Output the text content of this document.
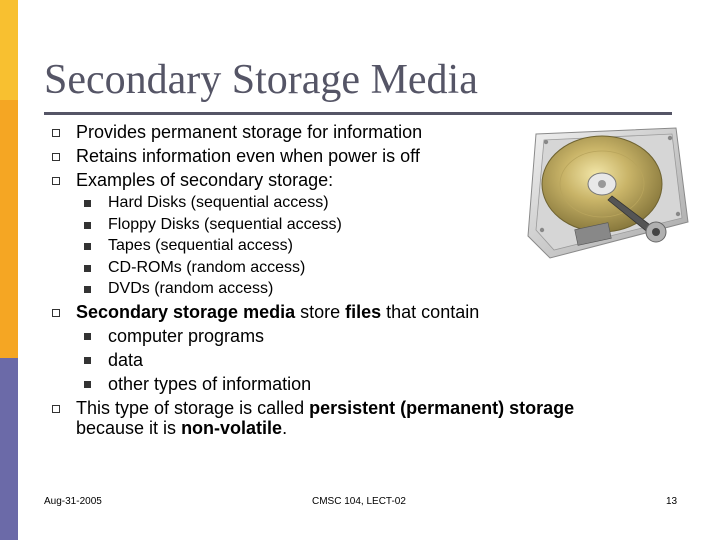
Secondary Storage Media
Provides permanent storage for information
Retains information even when power is off
Examples of secondary storage:
Hard Disks (sequential access)
Floppy Disks (sequential access)
Tapes (sequential access)
CD-ROMs (random access)
DVDs (random access)
Secondary storage media store files that contain
computer programs
data
other types of information
This type of storage is called persistent (permanent) storage
because it is non-volatile.
Aug-31-2005	CMSC 104, LECT-02	13
